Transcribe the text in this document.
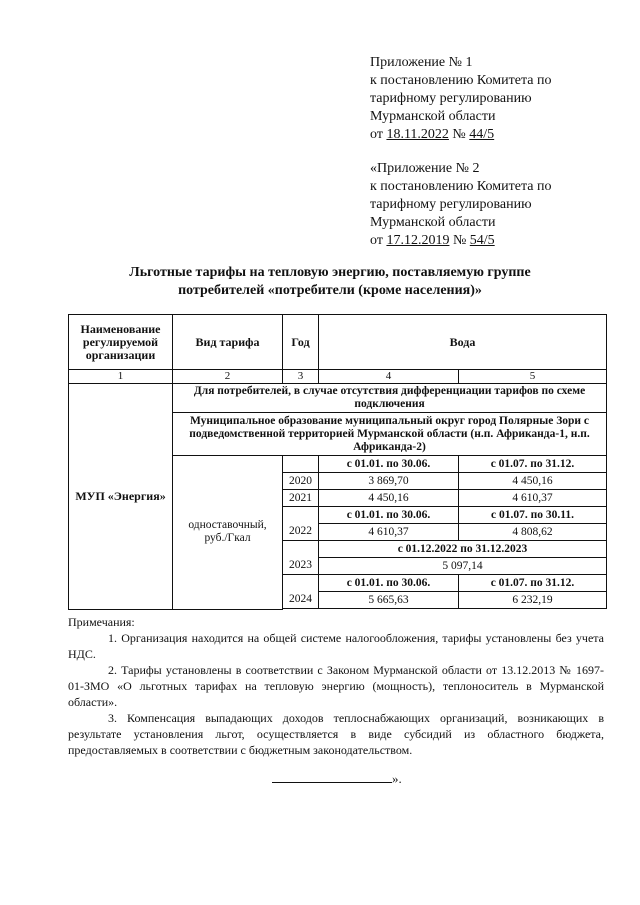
Приложение № 1
к постановлению Комитета по
тарифному регулированию
Мурманской области
от 18.11.2022 № 44/5
«Приложение № 2
к постановлению Комитета по
тарифному регулированию
Мурманской области
от 17.12.2019 № 54/5
Льготные тарифы на тепловую энергию, поставляемую группе
потребителей «потребители (кроме населения)»
Наименование регулируемой организации	Вид тарифа	Год	Вода	
1	2	3	4	5
МУП «Энергия»	Для потребителей, в случае отсутствия дифференциации тарифов по схеме подключения			
	Муниципальное образование муниципальный округ город Полярные Зори с подведомственной территорией Мурманской области (н.п. Африканда-1, н.п. Африканда-2)			
	одноставочный, руб./Гкал		с 01.01. по 30.06.	с 01.07. по 31.12.
		2020	3 869,70	4 450,16
		2021	4 450,16	4 610,37
			с 01.01. по 30.06.	с 01.07. по 30.11.
		2022	4 610,37	4 808,62
			с 01.12.2022 по 31.12.2023	
		2023	5 097,14	
			с 01.01. по 30.06.	с 01.07. по 31.12.
		2024	5 665,63	6 232,19

Примечания:

1. Организация находится на общей системе налогообложения, тарифы установлены без учета НДС.

2. Тарифы установлены в соответствии с Законом Мурманской области от 13.12.2013 № 1697-01-ЗМО «О льготных тарифах на тепловую энергию (мощность), теплоноситель в Мурманской области».

3. Компенсация выпадающих доходов теплоснабжающих организаций, возникающих в результате установления льгот, осуществляется в виде субсидий из областного бюджета, предоставляемых в соответствии с бюджетным законодательством.

».
